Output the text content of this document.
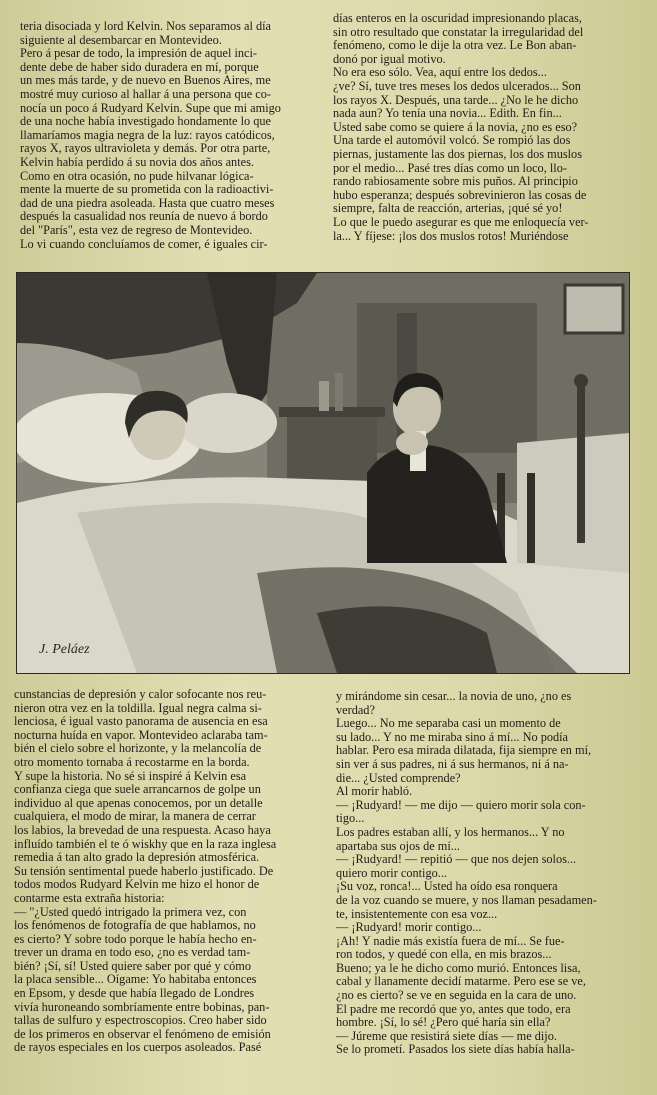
teria disociada y lord Kelvin. Nos separamos al día
siguiente al desembarcar en Montevideo.
Pero á pesar de todo, la impresión de aquel inci-
dente debe de haber sido duradera en mí, porque
un mes más tarde, y de nuevo en Buenos Aires, me
mostré muy curioso al hallar á una persona que co-
nocía un poco á Rudyard Kelvin. Supe que mi amigo
de una noche había investigado hondamente lo que
llamaríamos magia negra de la luz: rayos catódicos,
rayos X, rayos ultravioleta y demás. Por otra parte,
Kelvin había perdido á su novia dos años antes.
Como en otra ocasión, no pude hilvanar lógica-
mente la muerte de su prometida con la radioactivi-
dad de una piedra asoleada. Hasta que cuatro meses
después la casualidad nos reunía de nuevo á bordo
del "París", esta vez de regreso de Montevideo.
Lo vi cuando concluíamos de comer, é iguales cir-
días enteros en la oscuridad impresionando placas,
sin otro resultado que constatar la irregularidad del
fenómeno, como le dije la otra vez. Le Bon aban-
donó por igual motivo.
No era eso sólo. Vea, aquí entre los dedos...
¿ve? Sí, tuve tres meses los dedos ulcerados... Son
los rayos X. Después, una tarde... ¿No le he dicho
nada aun? Yo tenía una novia... Edith. En fin...
Usted sabe como se quiere á la novia, ¿no es eso?
Una tarde el automóvil volcó. Se rompió las dos
piernas, justamente las dos piernas, los dos muslos
por el medio... Pasé tres días como un loco, llo-
rando rabiosamente sobre mis puños. Al principio
hubo esperanza; después sobrevinieron las cosas de
siempre, falta de reacción, arterias, ¡qué sé yo!
Lo que le puedo asegurar es que me enloquecía ver-
la... Y fíjese: ¡los dos muslos rotos! Muriéndose
J. Peláez
cunstancias de depresión y calor sofocante nos reu-
nieron otra vez en la toldilla. Igual negra calma si-
lenciosa, é igual vasto panorama de ausencia en esa
nocturna huída en vapor. Montevideo aclaraba tam-
bién el cielo sobre el horizonte, y la melancolía de
otro momento tornaba á recostarme en la borda.
Y supe la historia. No sé si inspiré á Kelvin esa
confianza ciega que suele arrancarnos de golpe un
individuo al que apenas conocemos, por un detalle
cualquiera, el modo de mirar, la manera de cerrar
los labios, la brevedad de una respuesta. Acaso haya
influído también el te ó wiskhy que en la raza inglesa
remedia á tan alto grado la depresión atmosférica.
Su tensión sentimental puede haberlo justificado. De
todos modos Rudyard Kelvin me hizo el honor de
contarme esta extraña historia:
— "¿Usted quedó intrigado la primera vez, con
los fenómenos de fotografía de que hablamos, no
es cierto? Y sobre todo porque le había hecho en-
trever un drama en todo eso, ¿no es verdad tam-
bién? ¡Sí, sí! Usted quiere saber por qué y cómo
la placa sensible... Oígame: Yo habitaba entonces
en Epsom, y desde que había llegado de Londres
vivía huroneando sombríamente entre bobinas, pan-
tallas de sulfuro y espectroscopios. Creo haber sido
de los primeros en observar el fenómeno de emisión
de rayos especiales en los cuerpos asoleados. Pasé
y mirándome sin cesar... la novia de uno, ¿no es
verdad?
Luego... No me separaba casi un momento de
su lado... Y no me miraba sino á mí... No podía
hablar. Pero esa mirada dilatada, fija siempre en mí,
sin ver á sus padres, ni á sus hermanos, ni á na-
die... ¿Usted comprende?
Al morir habló.
— ¡Rudyard! — me dijo — quiero morir sola con-
tigo...
Los padres estaban allí, y los hermanos... Y no
apartaba sus ojos de mí...
— ¡Rudyard! — repitió — que nos dejen solos...
quiero morir contigo...
¡Su voz, ronca!... Usted ha oído esa ronquera
de la voz cuando se muere, y nos llaman pesadamen-
te, insistentemente con esa voz...
— ¡Rudyard! morir contigo...
¡Ah! Y nadie más existía fuera de mí... Se fue-
ron todos, y quedé con ella, en mis brazos...
Bueno; ya le he dicho como murió. Entonces lisa,
cabal y llanamente decidí matarme. Pero ese se ve,
¿no es cierto? se ve en seguida en la cara de uno.
El padre me recordó que yo, antes que todo, era
hombre. ¡Sí, lo sé! ¿Pero qué haría sin ella?
— Júreme que resistirá siete días — me dijo.
Se lo prometí. Pasados los siete días había halla-
